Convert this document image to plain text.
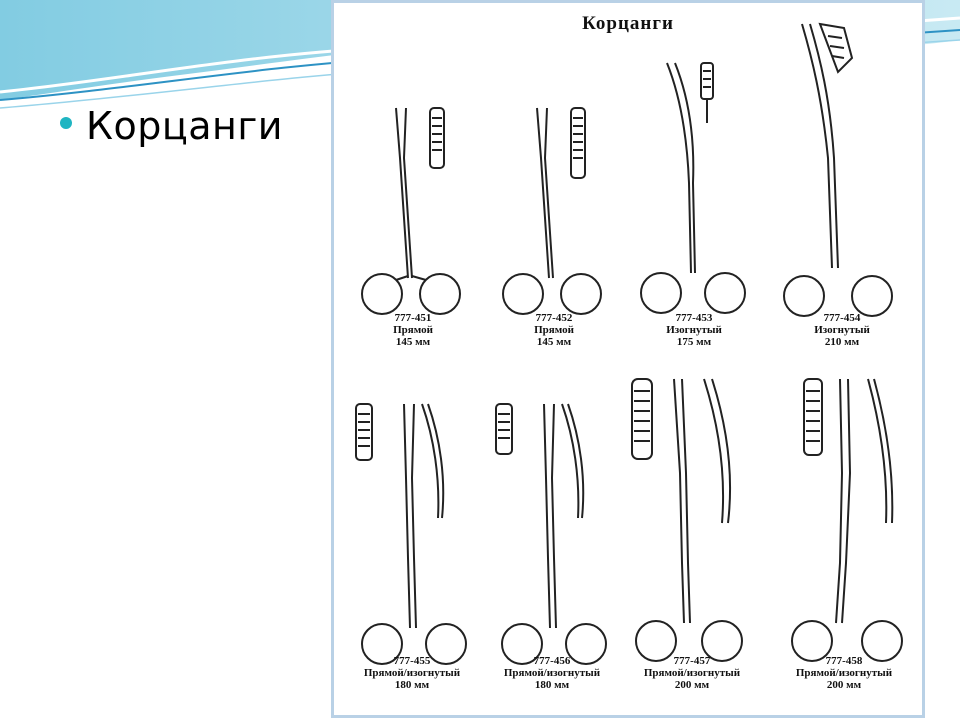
Корцанги
Корцанги
777-451
Прямой
145 мм
777-452
Прямой
145 мм
777-453
Изогнутый
175 мм
777-454
Изогнутый
210 мм
777-455
Прямой/изогнутый
180 мм
777-456
Прямой/изогнутый
180 мм
777-457
Прямой/изогнутый
200 мм
777-458
Прямой/изогнутый
200 мм
